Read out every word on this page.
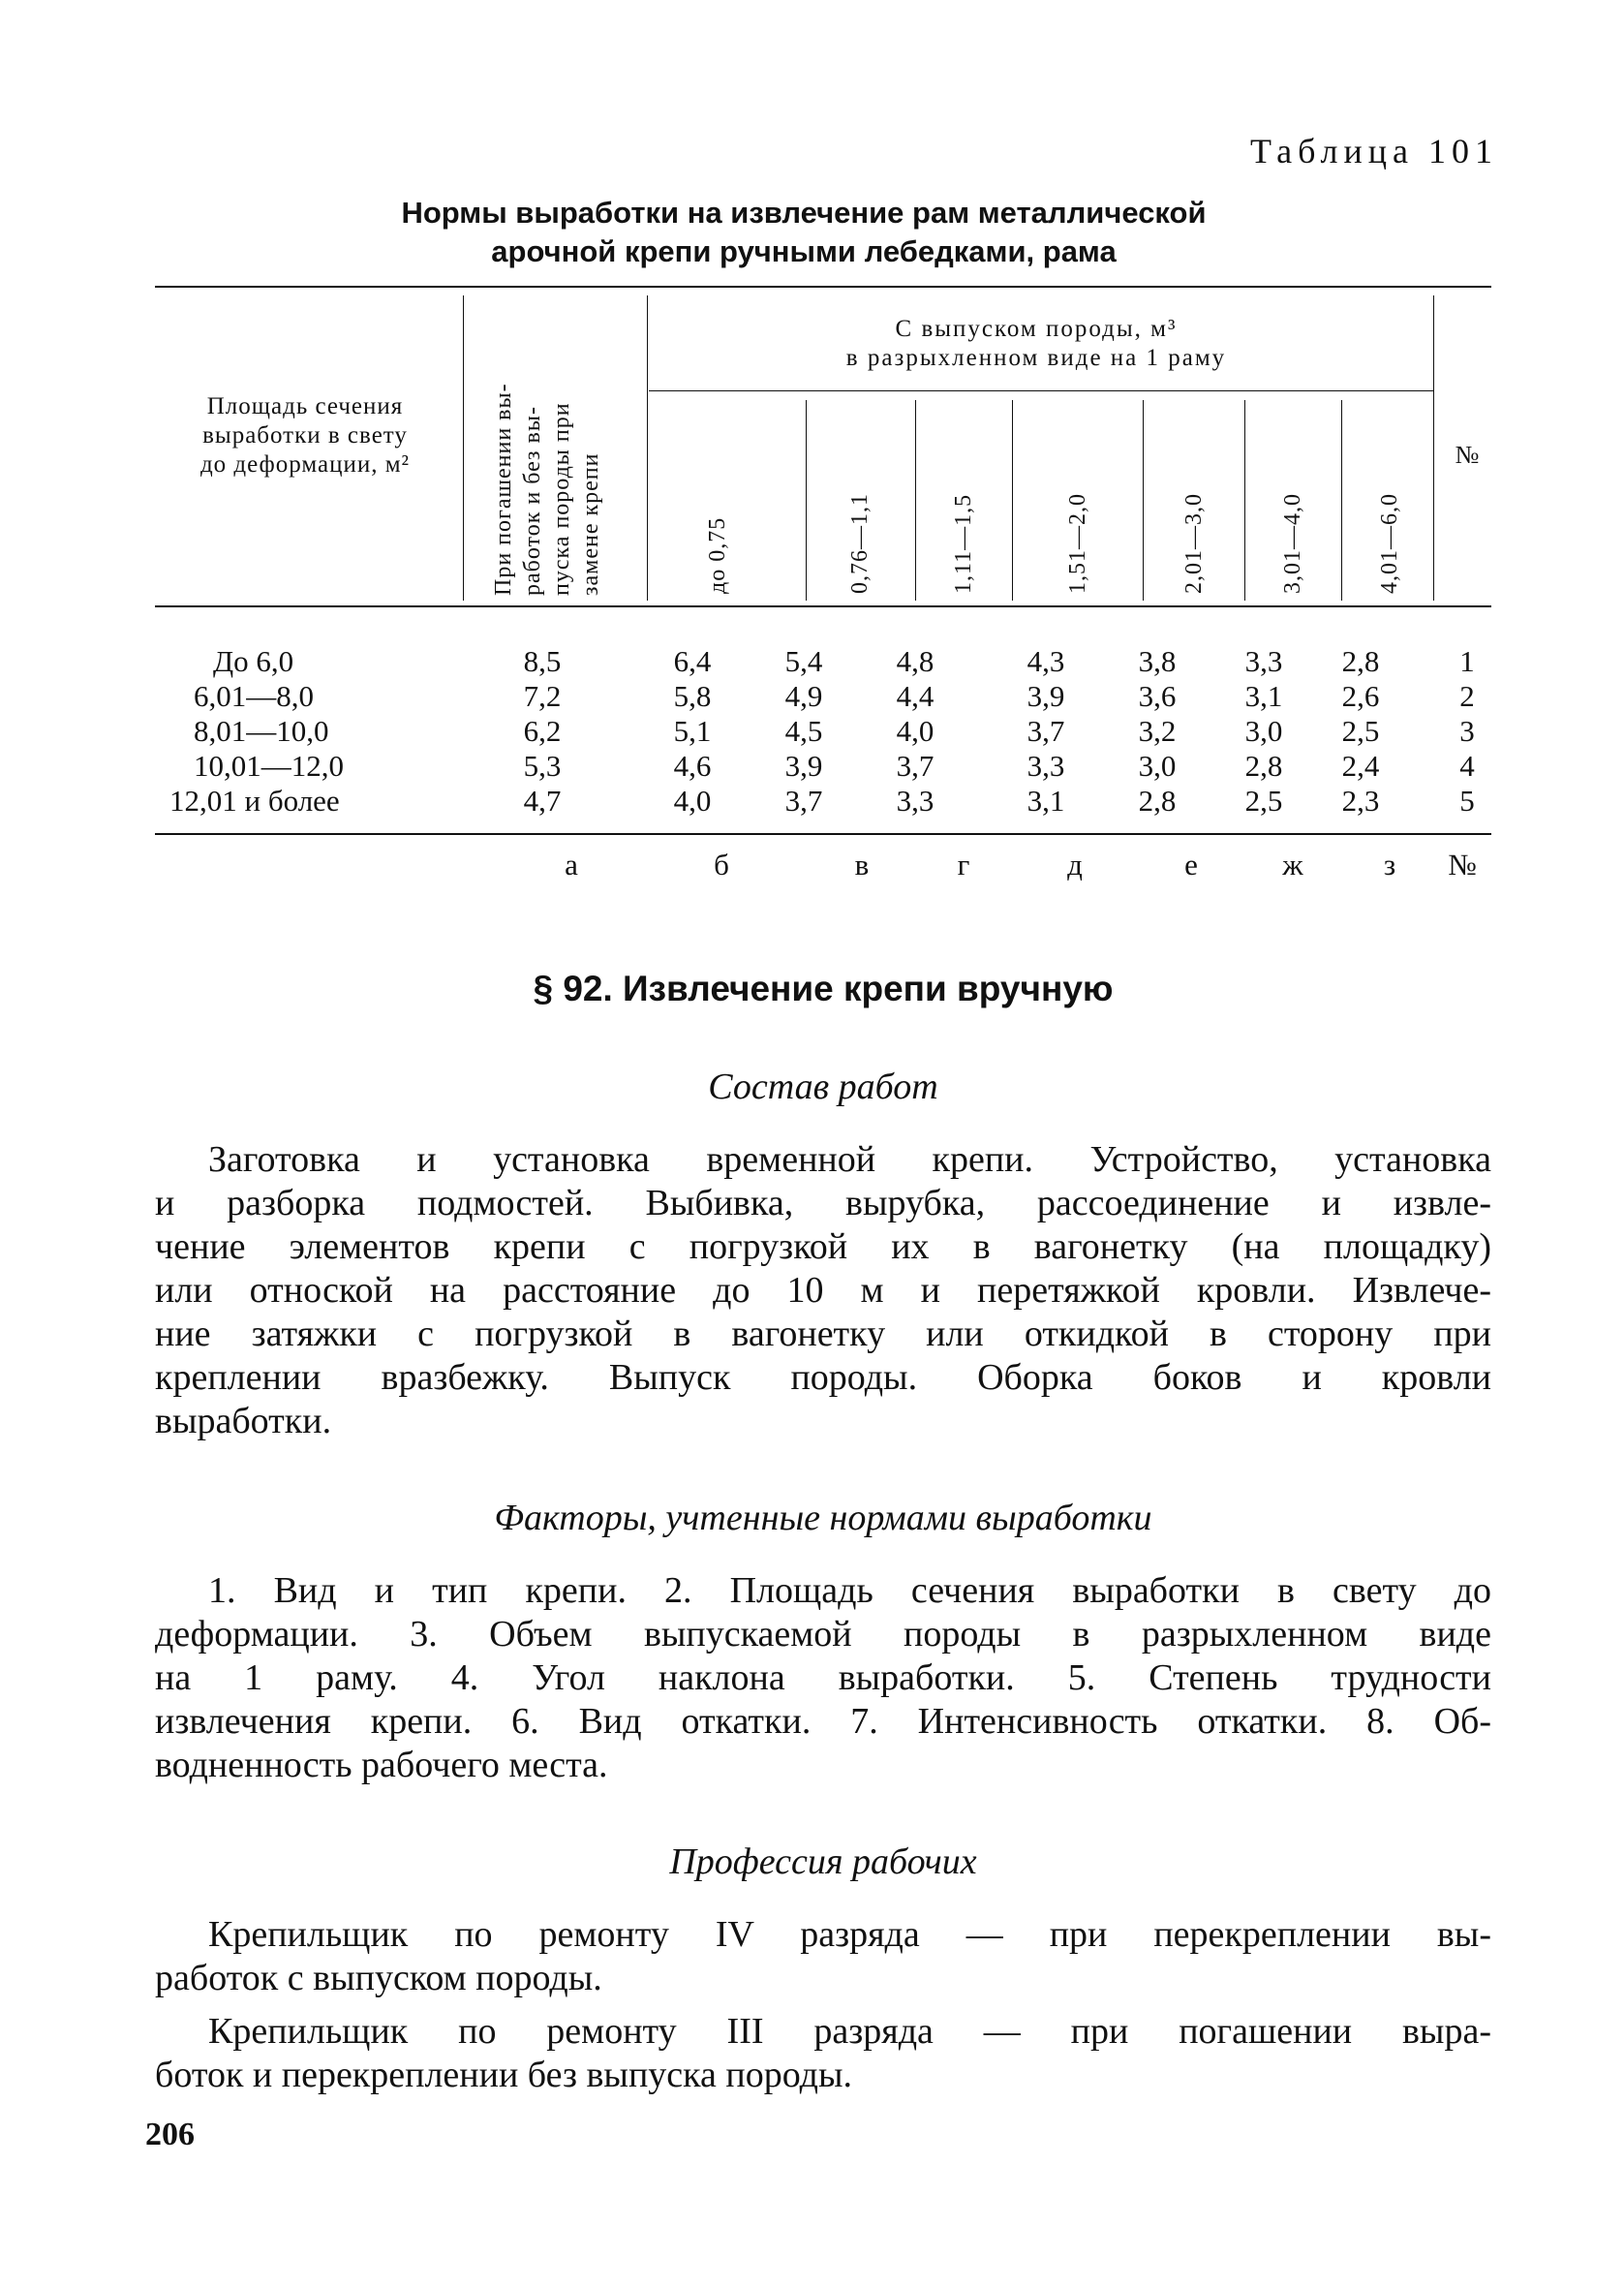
Таблица 101
Нормы выработки на извлечение рам металлической
арочной крепи ручными лебедками, рама
Площадь сечения
выработки в свету
до деформации, м²	При погашении вы- работок и без вы- пуска породы при замене крепи
С выпуском породы, м³
в разрыхленном виде на 1 раму
до 0,75	0,76—1,1	1,11—1,5	1,51—2,0	2,01—3,0	3,01—4,0	4,01—6,0
№
До 6,0	8,5	6,4	5,4	4,8	4,3	3,8	3,3	2,8	1
6,01—8,0	7,2	5,8	4,9	4,4	3,9	3,6	3,1	2,6	2
8,01—10,0	6,2	5,1	4,5	4,0	3,7	3,2	3,0	2,5	3
10,01—12,0	5,3	4,6	3,9	3,7	3,3	3,0	2,8	2,4	4
12,01 и более	4,7	4,0	3,7	3,3	3,1	2,8	2,5	2,3	5
а	б	в	г	д	е	ж	з	№
§ 92. Извлечение крепи вручную
Состав работ
Заготовка и установка временной крепи. Устройство, установка
и разборка подмостей. Выбивка, вырубка, рассоединение и извле-
чение элементов крепи с погрузкой их в вагонетку (на площадку)
или отноской на расстояние до 10 м и перетяжкой кровли. Извлече-
ние затяжки с погрузкой в вагонетку или откидкой в сторону при
креплении вразбежку. Выпуск породы. Оборка боков и кровли
выработки.
Факторы, учтенные нормами выработки
1. Вид и тип крепи. 2. Площадь сечения выработки в свету до
деформации. 3. Объем выпускаемой породы в разрыхленном виде
на 1 раму. 4. Угол наклона выработки. 5. Степень трудности
извлечения крепи. 6. Вид откатки. 7. Интенсивность откатки. 8. Об-
водненность рабочего места.
Профессия рабочих
Крепильщик по ремонту IV разряда — при перекреплении вы-
работок с выпуском породы.
Крепильщик по ремонту III разряда — при погашении выра-
боток и перекреплении без выпуска породы.
206
